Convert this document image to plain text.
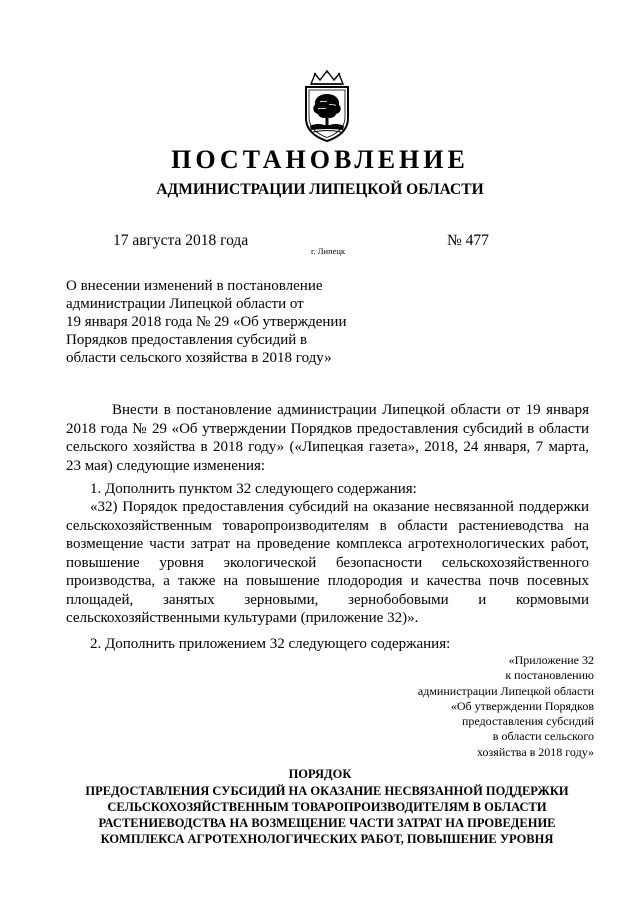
ПОСТАНОВЛЕНИЕ
АДМИНИСТРАЦИИ ЛИПЕЦКОЙ ОБЛАСТИ
17 августа 2018 года
г. Липецк
№ 477
О внесении изменений в постановление
администрации Липецкой области от
19 января 2018 года № 29 «Об утверждении
Порядков предоставления субсидий в
области сельского хозяйства в 2018 году»

Внести в постановление администрации Липецкой области от 19 января 2018 года № 29 «Об утверждении Порядков предоставления субсидий в области сельского хозяйства в 2018 году» («Липецкая газета», 2018, 24 января, 7 марта, 23 мая) следующие изменения:

1. Дополнить пунктом 32 следующего содержания:

«32) Порядок предоставления субсидий на оказание несвязанной поддержки сельскохозяйственным товаропроизводителям в области растениеводства на возмещение части затрат на проведение комплекса агротехнологических работ, повышение уровня экологической безопасности сельскохозяйственного производства, а также на повышение плодородия и качества почв посевных площадей, занятых зерновыми, зернобобовыми и кормовыми сельскохозяйственными культурами (приложение 32)».

2. Дополнить приложением 32 следующего содержания:

«Приложение 32
к постановлению
администрации Липецкой области
«Об утверждении Порядков
предоставления субсидий
в области сельского
хозяйства в 2018 году»
ПОРЯДОК
ПРЕДОСТАВЛЕНИЯ СУБСИДИЙ НА ОКАЗАНИЕ НЕСВЯЗАННОЙ ПОДДЕРЖКИ
СЕЛЬСКОХОЗЯЙСТВЕННЫМ ТОВАРОПРОИЗВОДИТЕЛЯМ В ОБЛАСТИ
РАСТЕНИЕВОДСТВА НА ВОЗМЕЩЕНИЕ ЧАСТИ ЗАТРАТ НА ПРОВЕДЕНИЕ
КОМПЛЕКСА АГРОТЕХНОЛОГИЧЕСКИХ РАБОТ, ПОВЫШЕНИЕ УРОВНЯ
